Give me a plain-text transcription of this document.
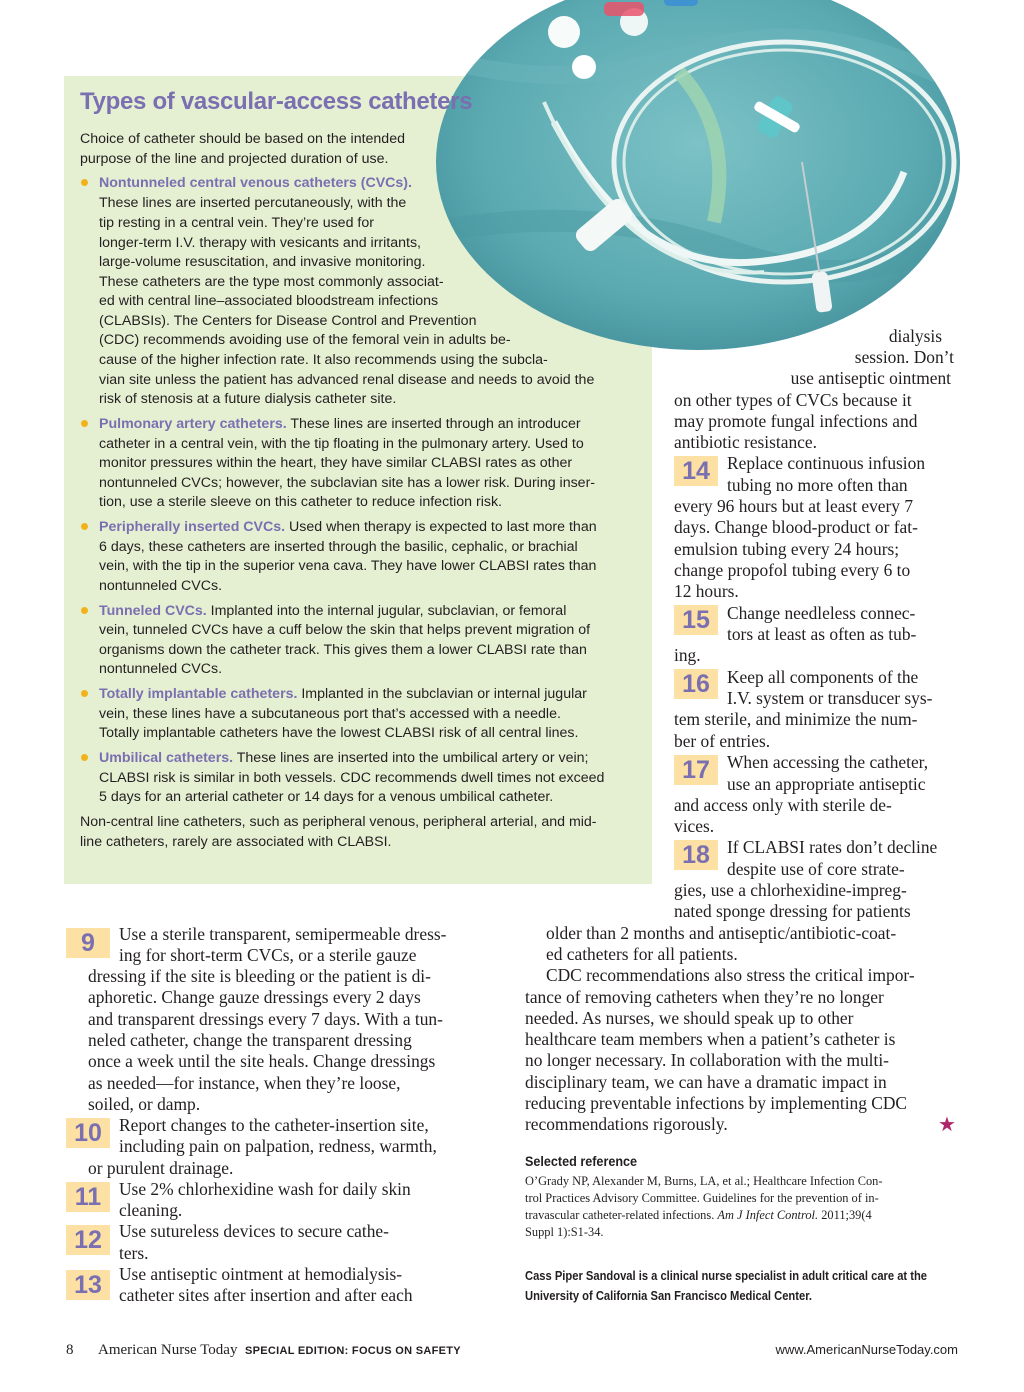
Types of vascular-access catheters
Choice of catheter should be based on the intended
purpose of the line and projected duration of use.
Nontunneled central venous catheters (CVCs).
These lines are inserted percutaneously, with the
tip resting in a central vein. They’re used for
longer-term I.V. therapy with vesicants and irritants,
large-volume resuscitation, and invasive monitoring.
These catheters are the type most commonly associat-
ed with central line–associated bloodstream infections
(CLABSIs). The Centers for Disease Control and Prevention
(CDC) recommends avoiding use of the femoral vein in adults be-
cause of the higher infection rate. It also recommends using the subcla-
vian site unless the patient has advanced renal disease and needs to avoid the
risk of stenosis at a future dialysis catheter site.
Pulmonary artery catheters. These lines are inserted through an introducer
catheter in a central vein, with the tip floating in the pulmonary artery. Used to
monitor pressures within the heart, they have similar CLABSI rates as other
nontunneled CVCs; however, the subclavian site has a lower risk. During inser-
tion, use a sterile sleeve on this catheter to reduce infection risk.
Peripherally inserted CVCs. Used when therapy is expected to last more than
6 days, these catheters are inserted through the basilic, cephalic, or brachial
vein, with the tip in the superior vena cava. They have lower CLABSI rates than
nontunneled CVCs.
Tunneled CVCs. Implanted into the internal jugular, subclavian, or femoral
vein, tunneled CVCs have a cuff below the skin that helps prevent migration of
organisms down the catheter track. This gives them a lower CLABSI rate than
nontunneled CVCs.
Totally implantable catheters. Implanted in the subclavian or internal jugular
vein, these lines have a subcutaneous port that’s accessed with a needle.
Totally implantable catheters have the lowest CLABSI risk of all central lines.
Umbilical catheters. These lines are inserted into the umbilical artery or vein;
CLABSI risk is similar in both vessels. CDC recommends dwell times not exceed
5 days for an arterial catheter or 14 days for a venous umbilical catheter.
Non-central line catheters, such as peripheral venous, peripheral arterial, and mid-
line catheters, rarely are associated with CLABSI.
dialysis
session. Don’t
use antiseptic ointment
on other types of CVCs because it
may promote fungal infections and
antibiotic resistance.
14 Replace continuous infusion
tubing no more often than
every 96 hours but at least every 7
days. Change blood-product or fat-
emulsion tubing every 24 hours;
change propofol tubing every 6 to
12 hours.
15 Change needleless connec-
tors at least as often as tub-
ing.
16 Keep all components of the
I.V. system or transducer sys-
tem sterile, and minimize the num-
ber of entries.
17 When accessing the catheter,
use an appropriate antiseptic
and access only with sterile de-
vices.
18 If CLABSI rates don’t decline
despite use of core strate-
gies, use a chlorhexidine-impreg-
nated sponge dressing for patients
older than 2 months and antiseptic/antibiotic-coat-
ed catheters for all patients.
CDC recommendations also stress the critical impor-
tance of removing catheters when they’re no longer
needed. As nurses, we should speak up to other
healthcare team members when a patient’s catheter is
no longer necessary. In collaboration with the multi-
disciplinary team, we can have a dramatic impact in
reducing preventable infections by implementing CDC
recommendations rigorously.	★
9	Use a sterile transparent, semipermeable dress-
ing for short-term CVCs, or a sterile gauze
dressing if the site is bleeding or the patient is di-
aphoretic. Change gauze dressings every 2 days
and transparent dressings every 7 days. With a tun-
neled catheter, change the transparent dressing
once a week until the site heals. Change dressings
as needed—for instance, when they’re loose,
soiled, or damp.
10 Report changes to the catheter-insertion site,
including pain on palpation, redness, warmth,
or purulent drainage.
11	Use 2% chlorhexidine wash for daily skin
cleaning.
12 Use sutureless devices to secure cathe-
ters.
13 Use antiseptic ointment at hemodialysis-
catheter sites after insertion and after each
Selected reference
O’Grady NP, Alexander M, Burns, LA, et al.; Healthcare Infection Con-
trol Practices Advisory Committee. Guidelines for the prevention of in-
travascular catheter-related infections. Am J Infect Control. 2011;39(4
Suppl 1):S1-34.
Cass Piper Sandoval is a clinical nurse specialist in adult critical care at the
University of California San Francisco Medical Center.
8 American Nurse Today SPECIAL EDITION: FOCUS ON SAFETY	www.AmericanNurseToday.com
